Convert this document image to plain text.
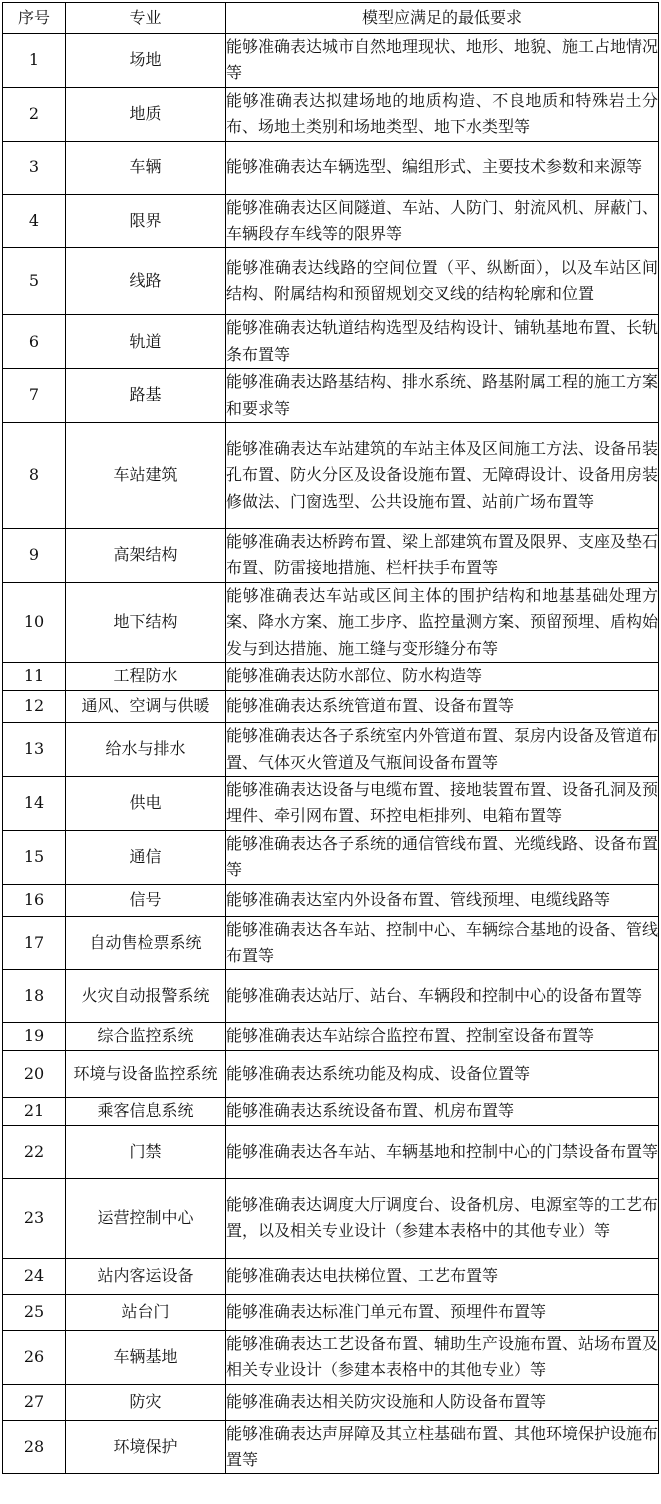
序号	专业	模型应满足的最低要求
1	场地	能够准确表达城市自然地理现状、地形、地貌、施工占地情况等
2	地质	能够准确表达拟建场地的地质构造、不良地质和特殊岩土分布、场地土类别和场地类型、地下水类型等
3	车辆	能够准确表达车辆选型、编组形式、主要技术参数和来源等
4	限界	能够准确表达区间隧道、车站、人防门、射流风机、屏蔽门、车辆段存车线等的限界等
5	线路	能够准确表达线路的空间位置（平、纵断面），以及车站区间结构、附属结构和预留规划交叉线的结构轮廓和位置
6	轨道	能够准确表达轨道结构选型及结构设计、铺轨基地布置、长轨条布置等
7	路基	能够准确表达路基结构、排水系统、路基附属工程的施工方案和要求等
8	车站建筑	能够准确表达车站建筑的车站主体及区间施工方法、设备吊装孔布置、防火分区及设备设施布置、无障碍设计、设备用房装修做法、门窗选型、公共设施布置、站前广场布置等
9	高架结构	能够准确表达桥跨布置、梁上部建筑布置及限界、支座及垫石布置、防雷接地措施、栏杆扶手布置等
10	地下结构	能够准确表达车站或区间主体的围护结构和地基基础处理方案、降水方案、施工步序、监控量测方案、预留预埋、盾构始发与到达措施、施工缝与变形缝分布等
11	工程防水	能够准确表达防水部位、防水构造等
12	通风、空调与供暖	能够准确表达系统管道布置、设备布置等
13	给水与排水	能够准确表达各子系统室内外管道布置、泵房内设备及管道布置、气体灭火管道及气瓶间设备布置等
14	供电	能够准确表达设备与电缆布置、接地装置布置、设备孔洞及预埋件、牵引网布置、环控电柜排列、电箱布置等
15	通信	能够准确表达各子系统的通信管线布置、光缆线路、设备布置等
16	信号	能够准确表达室内外设备布置、管线预埋、电缆线路等
17	自动售检票系统	能够准确表达各车站、控制中心、车辆综合基地的设备、管线布置等
18	火灾自动报警系统	能够准确表达站厅、站台、车辆段和控制中心的设备布置等
19	综合监控系统	能够准确表达车站综合监控布置、控制室设备布置等
20	环境与设备监控系统	能够准确表达系统功能及构成、设备位置等
21	乘客信息系统	能够准确表达系统设备布置、机房布置等
22	门禁	能够准确表达各车站、车辆基地和控制中心的门禁设备布置等
23	运营控制中心	能够准确表达调度大厅调度台、设备机房、电源室等的工艺布置，以及相关专业设计（参建本表格中的其他专业）等
24	站内客运设备	能够准确表达电扶梯位置、工艺布置等
25	站台门	能够准确表达标准门单元布置、预埋件布置等
26	车辆基地	能够准确表达工艺设备布置、辅助生产设施布置、站场布置及相关专业设计（参建本表格中的其他专业）等
27	防灾	能够准确表达相关防灾设施和人防设备布置等
28	环境保护	能够准确表达声屏障及其立柱基础布置、其他环境保护设施布置等
